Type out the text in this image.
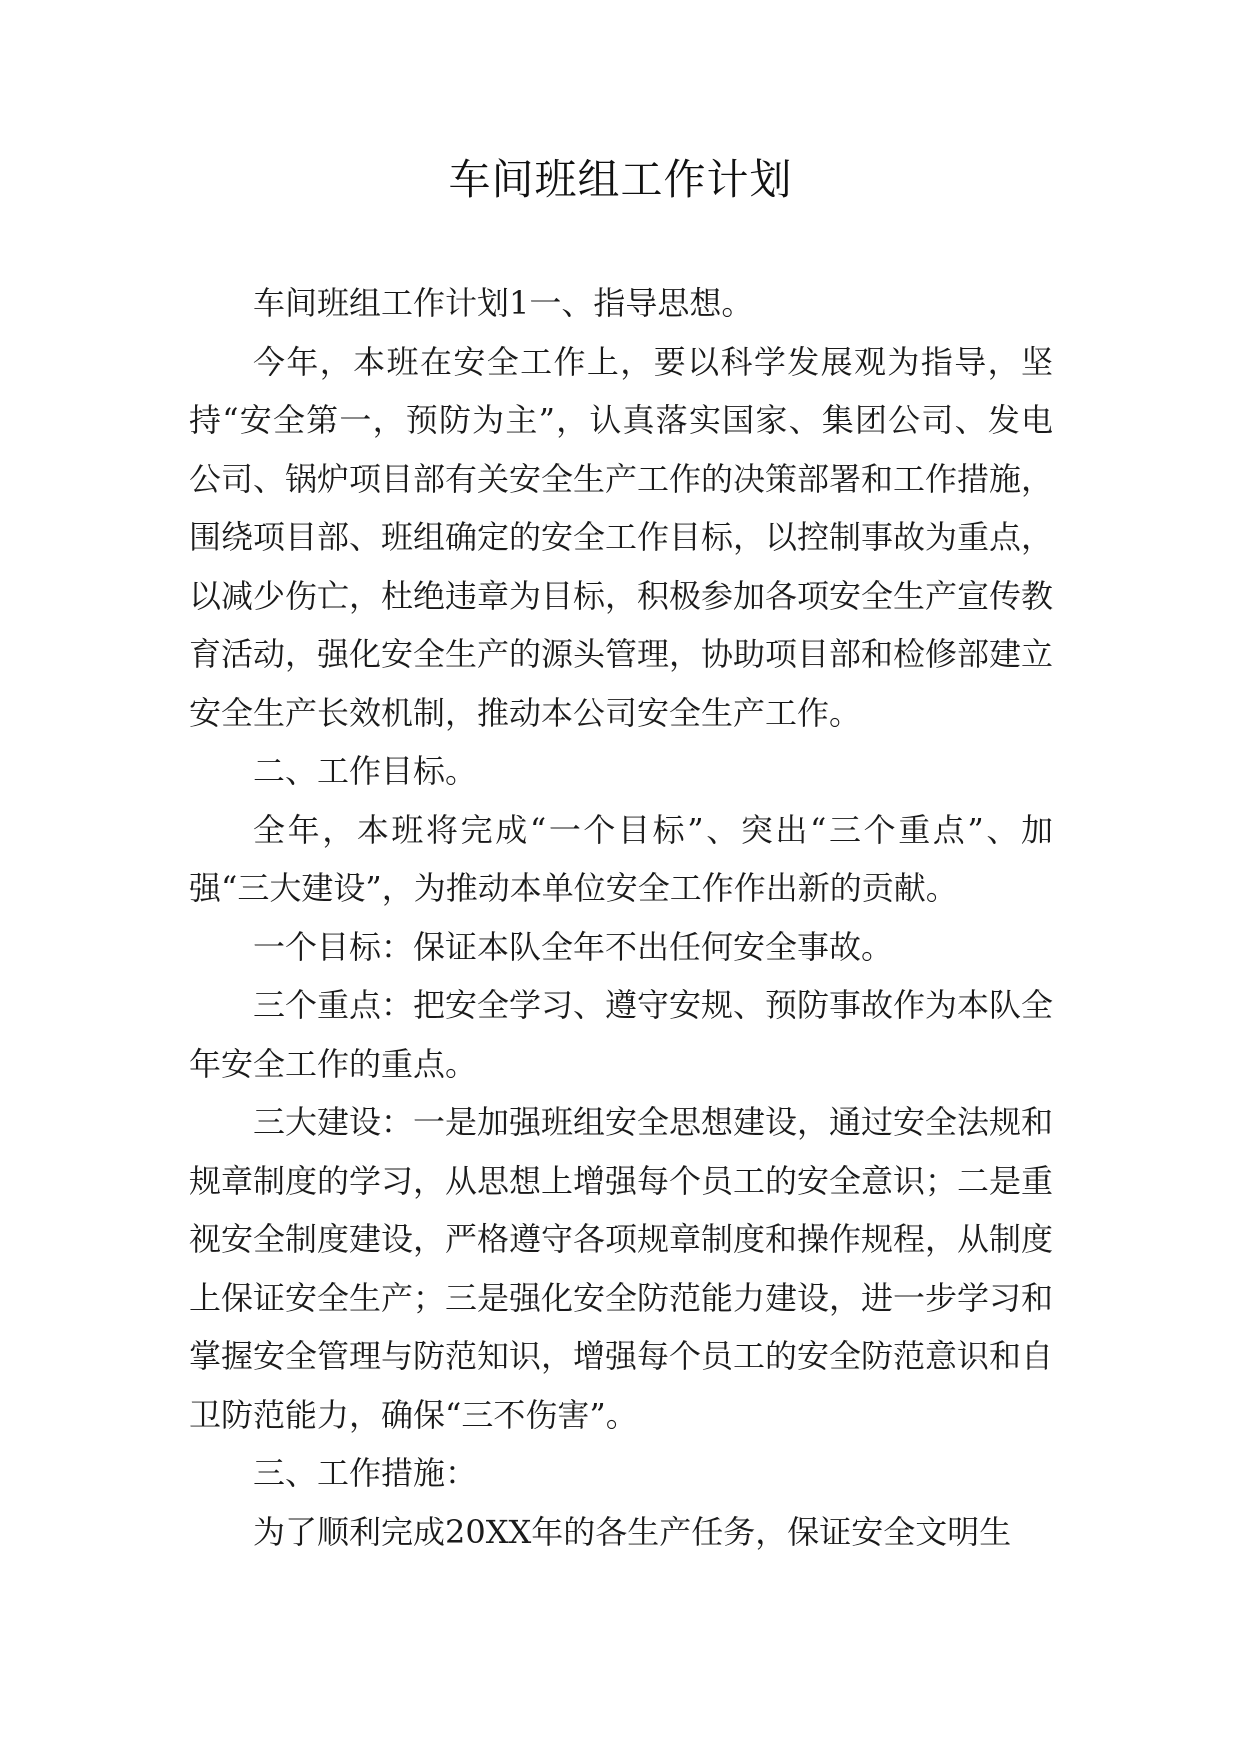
车间班组工作计划

车间班组工作计划1一、指导思想。

今年，本班在安全工作上，要以科学发展观为指导，坚持“安全第一，预防为主”，认真落实国家、集团公司、发电公司、锅炉项目部有关安全生产工作的决策部署和工作措施，围绕项目部、班组确定的安全工作目标，以控制事故为重点，以减少伤亡，杜绝违章为目标，积极参加各项安全生产宣传教育活动，强化安全生产的源头管理，协助项目部和检修部建立安全生产长效机制，推动本公司安全生产工作。

二、工作目标。

全年，本班将完成“一个目标”、突出“三个重点”、加强“三大建设”，为推动本单位安全工作作出新的贡献。

一个目标：保证本队全年不出任何安全事故。

三个重点：把安全学习、遵守安规、预防事故作为本队全年安全工作的重点。

三大建设：一是加强班组安全思想建设，通过安全法规和规章制度的学习，从思想上增强每个员工的安全意识；二是重视安全制度建设，严格遵守各项规章制度和操作规程，从制度上保证安全生产；三是强化安全防范能力建设，进一步学习和掌握安全管理与防范知识，增强每个员工的安全防范意识和自卫防范能力，确保“三不伤害”。

三、工作措施：

为了顺利完成20XX年的各生产任务，保证安全文明生
